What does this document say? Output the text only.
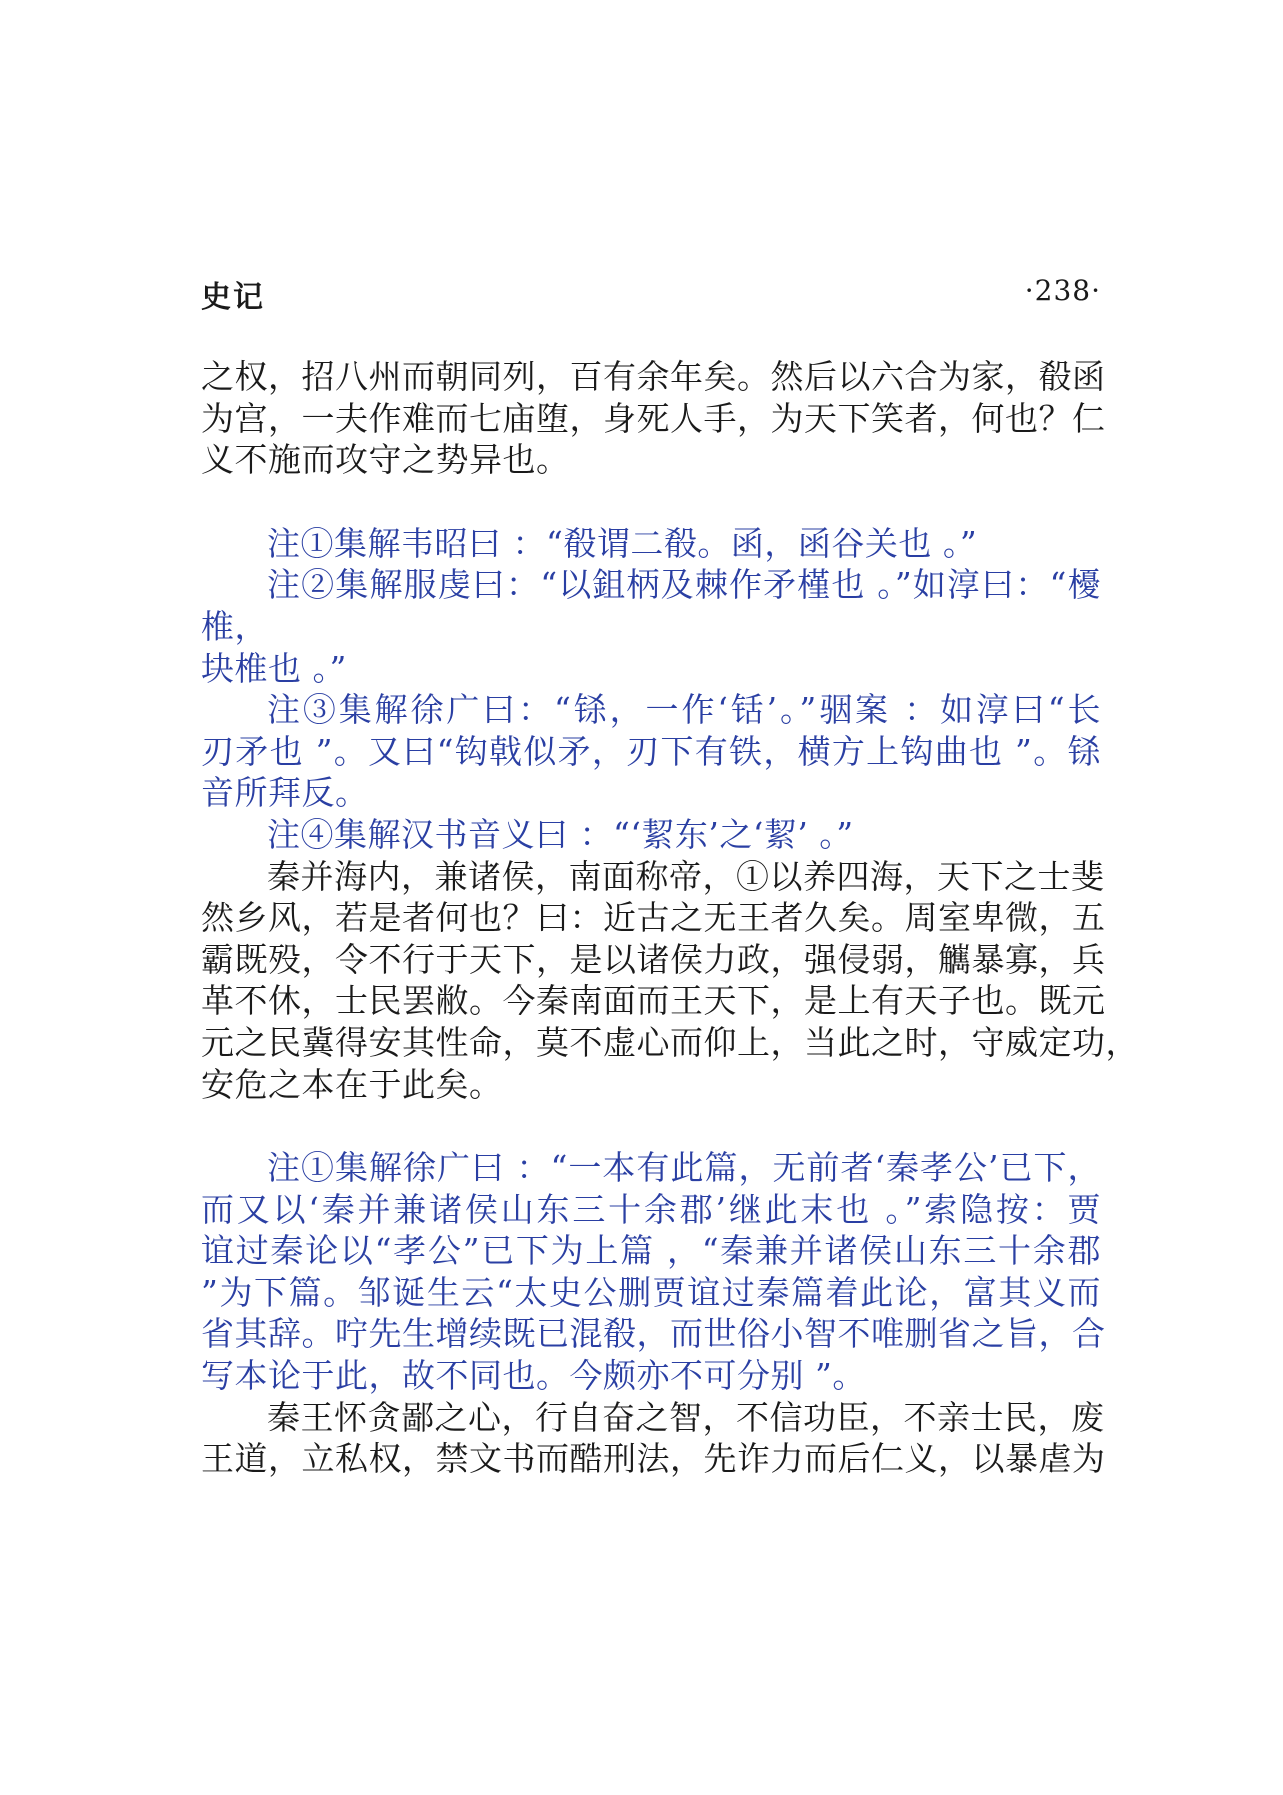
史记	·238·
之权，招八州而朝同列，百有余年矣。然后以六合为家，殽函
为宫，一夫作难而七庙堕，身死人手，为天下笑者，何也？仁
义不施而攻守之势异也。
注①集解韦昭曰 ：“殽谓二殽。函，函谷关也 。”
注②集解服虔曰：“以鉏柄及棘作矛槿也 。”如淳曰：“櫌
椎，
块椎也 。”
注③集解徐广曰：“铩，一作‘铦’。”骃案 ：如淳曰“长
刃矛也 ”。又曰“钩戟似矛，刃下有铁，横方上钩曲也 ”。铩
音所拜反。
注④集解汉书音义曰 ：“‘絜东’之‘絜’ 。”
秦并海内，兼诸侯，南面称帝，①以养四海，天下之士斐
然乡风，若是者何也？曰：近古之无王者久矣。周室卑微，五
霸既殁，令不行于天下，是以诸侯力政，强侵弱，觽暴寡，兵
革不休，士民罢敝。今秦南面而王天下，是上有天子也。既元
元之民冀得安其性命，莫不虚心而仰上，当此之时，守威定功，
安危之本在于此矣。
注①集解徐广曰 ：“一本有此篇，无前者‘秦孝公’已下，
而又以‘秦并兼诸侯山东三十余郡’继此末也 。”索隐按：贾
谊过秦论以“孝公”已下为上篇 ，“秦兼并诸侯山东三十余郡
”为下篇。邹诞生云“太史公删贾谊过秦篇着此论，富其义而
省其辞。咛先生增续既已混殽，而世俗小智不唯删省之旨，合
写本论于此，故不同也。今颇亦不可分别 ”。
秦王怀贪鄙之心，行自奋之智，不信功臣，不亲士民，废
王道，立私权，禁文书而酷刑法，先诈力而后仁义，以暴虐为
